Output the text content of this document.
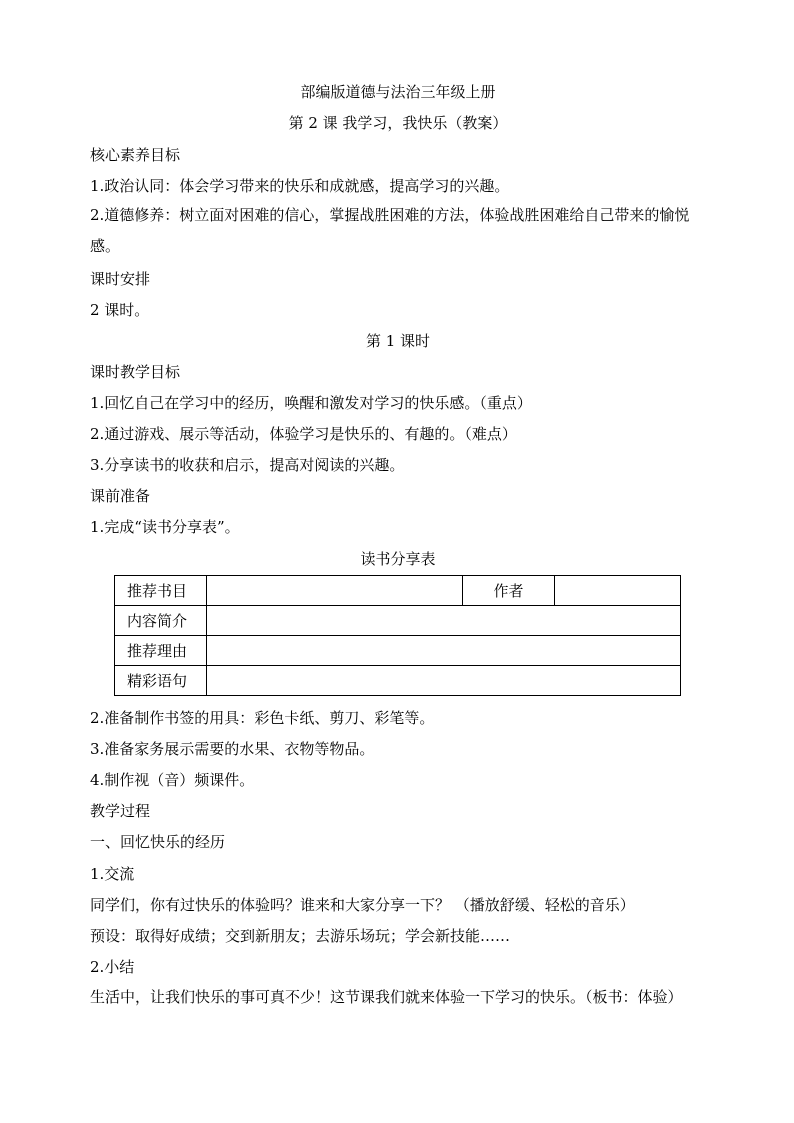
部编版道德与法治三年级上册
第 2 课 我学习，我快乐（教案）
核心素养目标
1.政治认同：体会学习带来的快乐和成就感，提高学习的兴趣。
2.道德修养：树立面对困难的信心，掌握战胜困难的方法，体验战胜困难给自己带来的愉悦感。
课时安排
2 课时。
第 1 课时
课时教学目标
1.回忆自己在学习中的经历，唤醒和激发对学习的快乐感。（重点）
2.通过游戏、展示等活动，体验学习是快乐的、有趣的。（难点）
3.分享读书的收获和启示，提高对阅读的兴趣。
课前准备
1.完成“读书分享表”。
读书分享表
推荐书目		作者	
内容简介			
推荐理由			
精彩语句			
2.准备制作书签的用具：彩色卡纸、剪刀、彩笔等。
3.准备家务展示需要的水果、衣物等物品。
4.制作视（音）频课件。
教学过程
一、回忆快乐的经历
1.交流
同学们，你有过快乐的体验吗？谁来和大家分享一下？ （播放舒缓、轻松的音乐）
预设：取得好成绩；交到新朋友；去游乐场玩；学会新技能……
2.小结
生活中，让我们快乐的事可真不少！这节课我们就来体验一下学习的快乐。（板书：体验）
